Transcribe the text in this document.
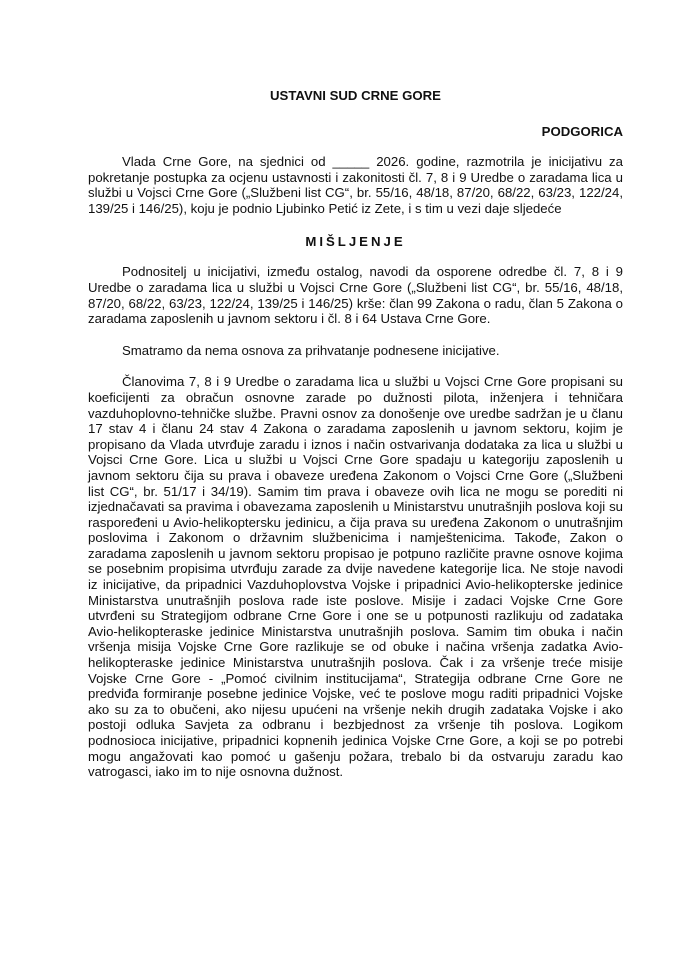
USTAVNI SUD CRNE GORE
PODGORICA

Vlada Crne Gore, na sjednici od _____ 2026. godine, razmotrila je inicijativu za pokretanje postupka za ocjenu ustavnosti i zakonitosti čl. 7, 8 i 9 Uredbe o zaradama lica u službi u Vojsci Crne Gore („Službeni list CG“, br. 55/16, 48/18, 87/20, 68/22, 63/23, 122/24, 139/25 i 146/25), koju je podnio Ljubinko Petić iz Zete, i s tim u vezi daje sljedeće

MIŠLJENJE

Podnositelj u inicijativi, između ostalog, navodi da osporene odredbe čl. 7, 8 i 9 Uredbe o zaradama lica u službi u Vojsci Crne Gore („Službeni list CG“, br. 55/16, 48/18, 87/20, 68/22, 63/23, 122/24, 139/25 i 146/25) krše: član 99 Zakona o radu, član 5 Zakona o zaradama zaposlenih u javnom sektoru i čl. 8 i 64 Ustava Crne Gore.

Smatramo da nema osnova za prihvatanje podnesene inicijative.

Članovima 7, 8 i 9 Uredbe o zaradama lica u službi u Vojsci Crne Gore propisani su koeficijenti za obračun osnovne zarade po dužnosti pilota, inženjera i tehničara vazduhoplovno-tehničke službe. Pravni osnov za donošenje ove uredbe sadržan je u članu 17 stav 4 i članu 24 stav 4 Zakona o zaradama zaposlenih u javnom sektoru, kojim je propisano da Vlada utvrđuje zaradu i iznos i način ostvarivanja dodataka za lica u službi u Vojsci Crne Gore. Lica u službi u Vojsci Crne Gore spadaju u kategoriju zaposlenih u javnom sektoru čija su prava i obaveze uređena Zakonom o Vojsci Crne Gore („Službeni list CG“, br. 51/17 i 34/19). Samim tim prava i obaveze ovih lica ne mogu se porediti ni izjednačavati sa pravima i obavezama zaposlenih u Ministarstvu unutrašnjih poslova koji su raspoređeni u Avio-helikoptersku jedinicu, a čija prava su uređena Zakonom o unutrašnjim poslovima i Zakonom o državnim službenicima i namještenicima. Takođe, Zakon o zaradama zaposlenih u javnom sektoru propisao je potpuno različite pravne osnove kojima se posebnim propisima utvrđuju zarade za dvije navedene kategorije lica. Ne stoje navodi iz inicijative, da pripadnici Vazduhoplovstva Vojske i pripadnici Avio-helikopterske jedinice Ministarstva unutrašnjih poslova rade iste poslove. Misije i zadaci Vojske Crne Gore utvrđeni su Strategijom odbrane Crne Gore i one se u potpunosti razlikuju od zadataka Avio-helikopteraske jedinice Ministarstva unutrašnjih poslova. Samim tim obuka i način vršenja misija Vojske Crne Gore razlikuje se od obuke i načina vršenja zadatka Avio-helikopteraske jedinice Ministarstva unutrašnjih poslova. Čak i za vršenje treće misije Vojske Crne Gore - „Pomoć civilnim institucijama“, Strategija odbrane Crne Gore ne predviđa formiranje posebne jedinice Vojske, već te poslove mogu raditi pripadnici Vojske ako su za to obučeni, ako nijesu upućeni na vršenje nekih drugih zadataka Vojske i ako postoji odluka Savjeta za odbranu i bezbjednost za vršenje tih poslova. Logikom podnosioca inicijative, pripadnici kopnenih jedinica Vojske Crne Gore, a koji se po potrebi mogu angažovati kao pomoć u gašenju požara, trebalo bi da ostvaruju zaradu kao vatrogasci, iako im to nije osnovna dužnost.
